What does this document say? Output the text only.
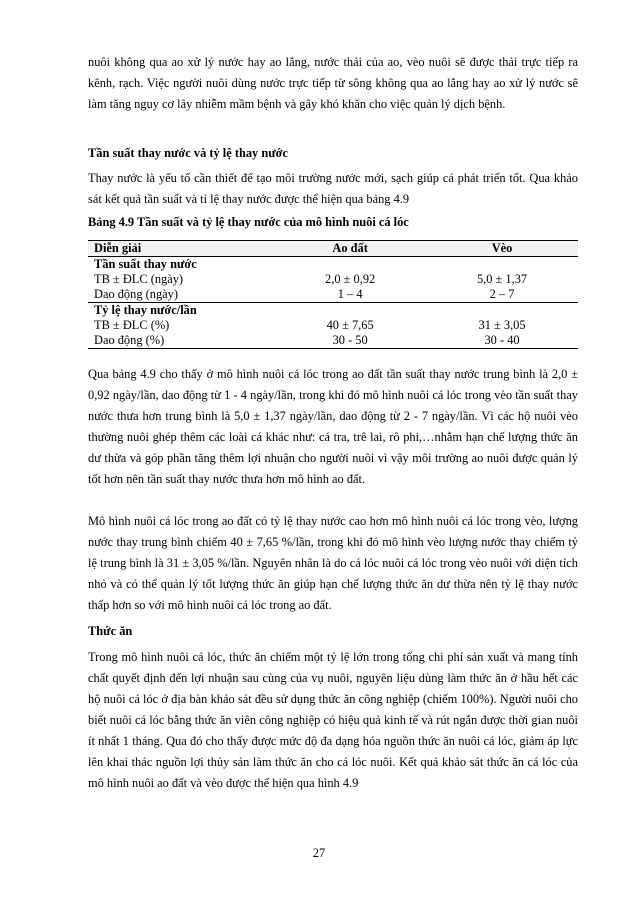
nuôi không qua ao xử lý nước hay ao lắng, nước thải của ao, vèo nuôi sẽ được thải trực tiếp ra kênh, rạch. Việc người nuôi dùng nước trực tiếp từ sông không qua ao lắng hay ao xử lý nước sẽ làm tăng nguy cơ lây nhiễm mầm bệnh và gây khó khăn cho việc quản lý dịch bệnh.

Tần suất thay nước và tỷ lệ thay nước

Thay nước là yếu tố cần thiết để tạo môi trường nước mới, sạch giúp cá phát triển tốt. Qua khảo sát kết quả tần suất và tỉ lệ thay nước được thể hiện qua bảng 4.9

Bảng 4.9 Tần suất và tỷ lệ thay nước của mô hình nuôi cá lóc

Diễn giải	Ao đất	Vèo
Tần suất thay nước		
TB ± ĐLC (ngày)	2,0 ± 0,92	5,0 ± 1,37
Dao động (ngày)	1 – 4	2 – 7
Tỷ lệ thay nước/lần		
TB ± ĐLC (%)	40 ± 7,65	31 ± 3,05
Dao động (%)	30 - 50	30 - 40

Qua bảng 4.9 cho thấy ở mô hình nuôi cá lóc trong ao đất tần suất thay nước trung bình là 2,0 ± 0,92 ngày/lần, dao động từ 1 - 4 ngày/lần, trong khi đó mô hình nuôi cá lóc trong vèo tần suất thay nước thưa hơn trung bình là 5,0 ± 1,37 ngày/lần, dao động từ 2 - 7 ngày/lần. Vì các hộ nuôi vèo thường nuôi ghép thêm các loài cá khác như: cá tra, trê lai, rô phi,…nhằm hạn chế lượng thức ăn dư thừa và góp phần tăng thêm lợi nhuận cho người nuôi vì vậy môi trường ao nuôi được quản lý tốt hơn nên tần suất thay nước thưa hơn mô hình ao đất.

Mô hình nuôi cá lóc trong ao đất có tỷ lệ thay nước cao hơn mô hình nuôi cá lóc trong vèo, lượng nước thay trung bình chiếm 40 ± 7,65 %/lần, trong khi đó mô hình vèo lượng nước thay chiếm tỷ lệ trung bình là 31 ± 3,05 %/lần. Nguyên nhân là do cá lóc nuôi cá lóc trong vèo nuôi với diện tích nhỏ và có thể quản lý tốt lượng thức ăn giúp hạn chế lượng thức ăn dư thừa nên tỷ lệ thay nước thấp hơn so với mô hình nuôi cá lóc trong ao đất.

Thức ăn

Trong mô hình nuôi cá lóc, thức ăn chiếm một tỷ lệ lớn trong tổng chi phí sản xuất và mang tính chất quyết định đến lợi nhuận sau cùng của vụ nuôi, nguyên liệu dùng làm thức ăn ở hầu hết các hộ nuôi cá lóc ở địa bàn khảo sát đều sử dụng thức ăn công nghiệp (chiếm 100%). Người nuôi cho biết nuôi cá lóc bằng thức ăn viên công nghiệp có hiệu quả kinh tế và rút ngắn được thời gian nuôi ít nhất 1 tháng. Qua đó cho thấy được mức độ đa dạng hóa nguồn thức ăn nuôi cá lóc, giảm áp lực lên khai thác nguồn lợi thủy sản làm thức ăn cho cá lóc nuôi. Kết quả khảo sát thức ăn cá lóc của mô hình nuôi ao đất và vèo được thể hiện qua hình 4.9

27
